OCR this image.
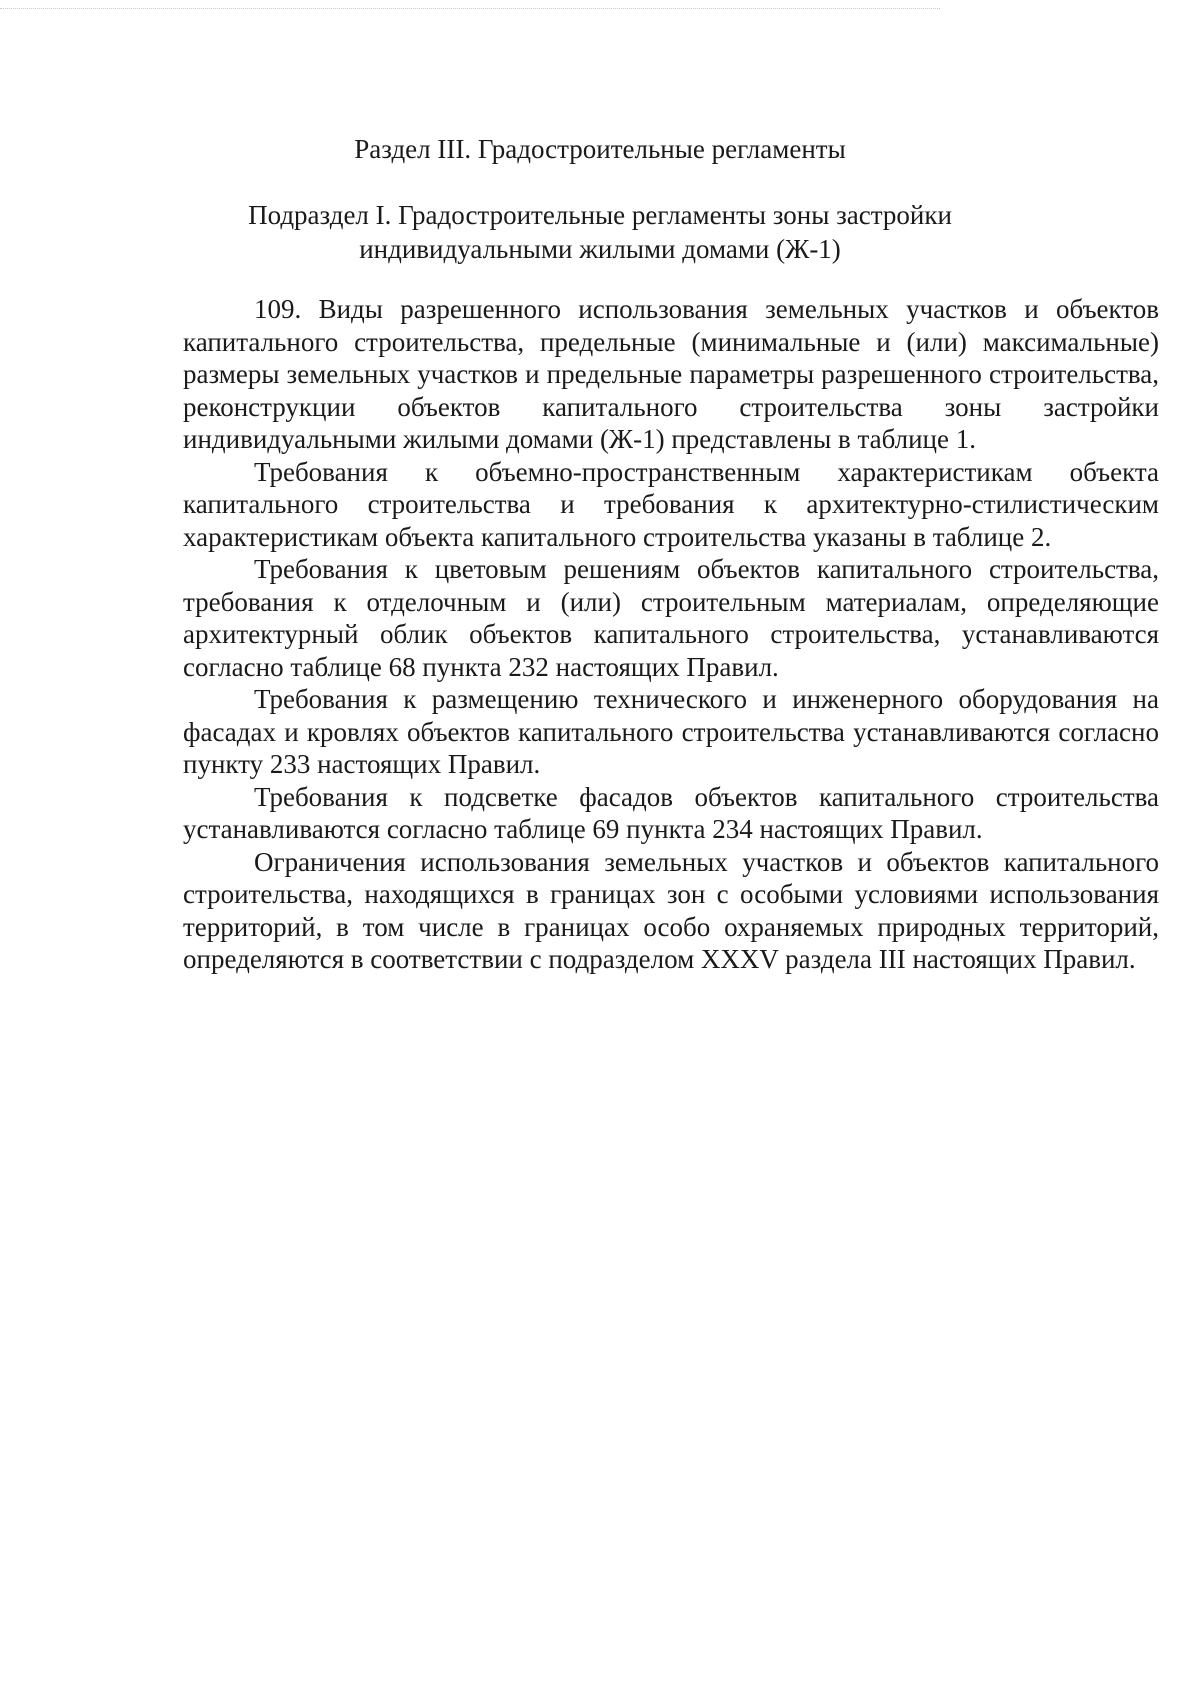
Раздел III. Градостроительные регламенты
Подраздел I. Градостроительные регламенты зоны застройки
индивидуальными жилыми домами (Ж-1)

109. Виды разрешенного использования земельных участков и объектов капитального строительства, предельные (минимальные и (или) максимальные) размеры земельных участков и предельные параметры разрешенного строительства, реконструкции объектов капитального строительства зоны застройки индивидуальными жилыми домами (Ж-1) представлены в таблице 1.

Требования к объемно-пространственным характеристикам объекта капитального строительства и требования к архитектурно-стилистическим характеристикам объекта капитального строительства указаны в таблице 2.

Требования к цветовым решениям объектов капитального строительства, требования к отделочным и (или) строительным материалам, определяющие архитектурный облик объектов капитального строительства, устанавливаются согласно таблице 68 пункта 232 настоящих Правил.

Требования к размещению технического и инженерного оборудования на фасадах и кровлях объектов капитального строительства устанавливаются согласно пункту 233 настоящих Правил.

Требования к подсветке фасадов объектов капитального строительства устанавливаются согласно таблице 69 пункта 234 настоящих Правил.

Ограничения использования земельных участков и объектов капитального строительства, находящихся в границах зон с особыми условиями использования территорий, в том числе в границах особо охраняемых природных территорий, определяются в соответствии с подразделом XXXV раздела III настоящих Правил.
